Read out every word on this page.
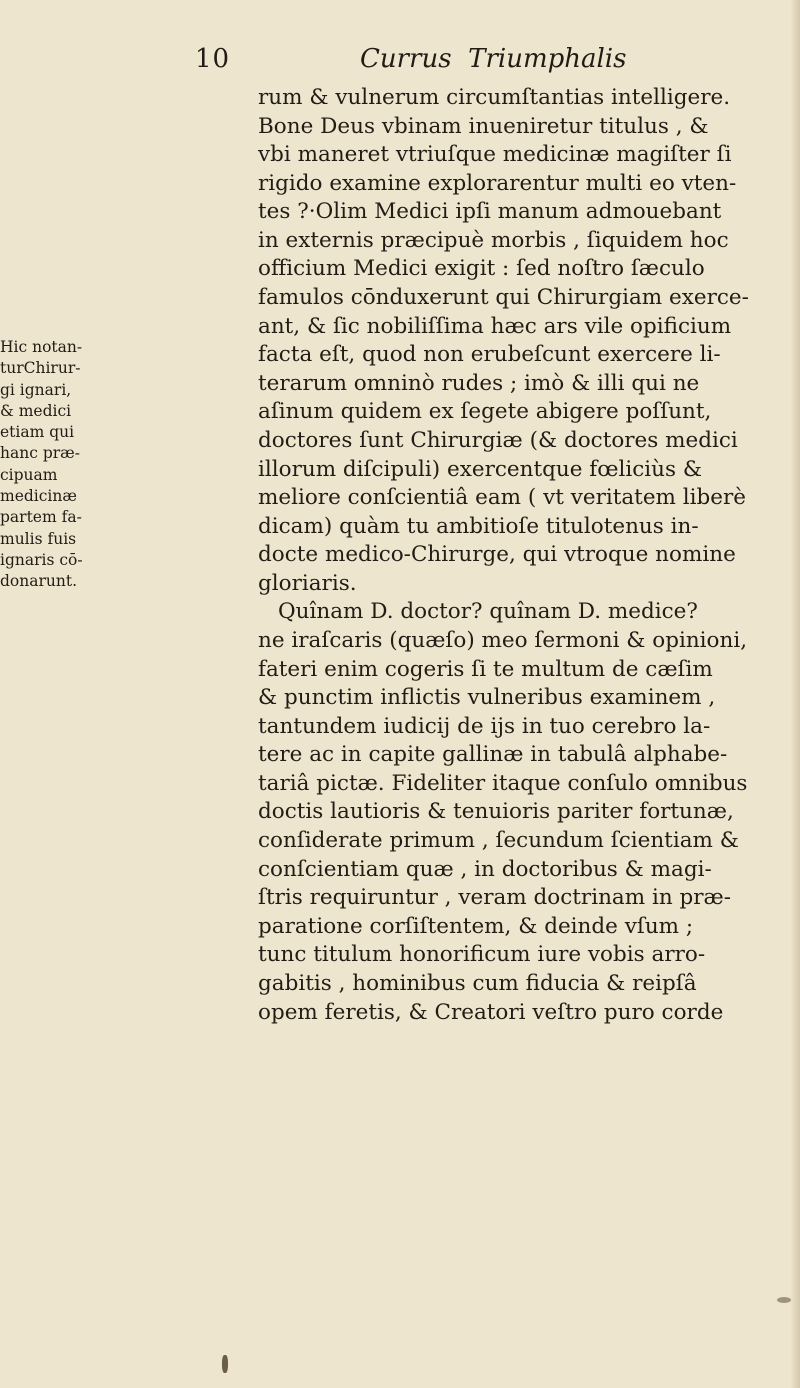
10	Currus  Triumphalis
Hic notan-
turChirur-
gi ignari,
& medici
etiam qui
hanc præ-
cipuam
medicinæ
partem fa-
mulis fuis
ignaris cō-
donarunt.
rum & vulnerum circumſtantias intelligere.
Bone Deus vbinam inueniretur titulus , &
vbi maneret vtriuſque medicinæ magiſter ſi
rigido examine explorarentur multi eo vten-
tes ?·Olim Medici ipſi manum admouebant
in externis præcipuè morbis , ſiquidem hoc
officium Medici exigit : ſed noſtro ſæculo
famulos cōnduxerunt qui Chirurgiam exerce-
ant, & ſic nobiliſſima hæc ars vile opificium
facta eſt, quod non erubeſcunt exercere li-
terarum omninò rudes ; imò & illi qui ne
aſinum quidem ex ſegete abigere poſſunt,
doctores ſunt Chirurgiæ (& doctores medici
illorum diſcipuli) exercentque fœliciùs &
meliore conſcientiâ eam ( vt veritatem liberè
dicam) quàm tu ambitioſe titulotenus in-
docte medico-Chirurge, qui vtroque nomine
gloriaris.
Quînam D. doctor? quînam D. medice?
ne iraſcaris (quæſo) meo ſermoni & opinioni,
fateri enim cogeris ſi te multum de cæſim
& punctim inflictis vulneribus examinem ,
tantundem iudicij de ijs in tuo cerebro la-
tere ac in capite gallinæ in tabulâ alphabe-
tariâ pictæ. Fideliter itaque conſulo omnibus
doctis lautioris & tenuioris pariter fortunæ,
conſiderate primum , ſecundum ſcientiam &
conſcientiam quæ , in doctoribus & magi-
ſtris requiruntur , veram doctrinam in præ-
paratione corſiſtentem, & deinde vſum ;
tunc titulum honorificum iure vobis arro-
gabitis , hominibus cum fiducia & reipſâ
opem feretis, & Creatori veſtro puro corde
